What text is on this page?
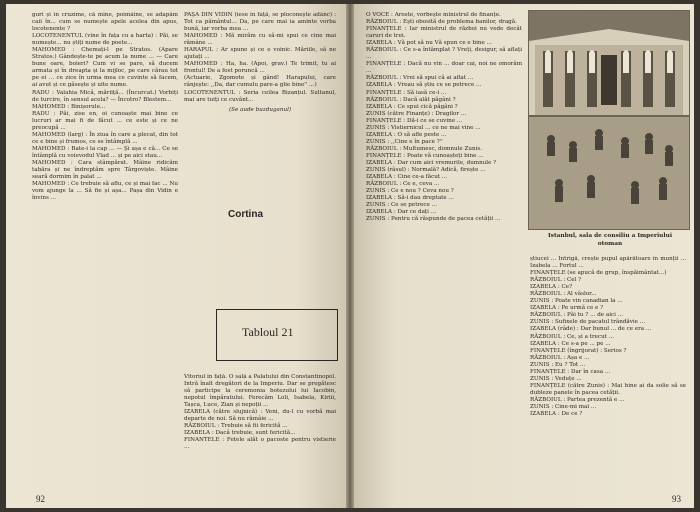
guri și în cruzime, că mine, poimâine, se adapăm caii în... cum se numește apele acelea din apus, locotenente ?
LOCOTENENTUL (vine în fața cu a harta) : Păi, se numește... nu știți nume de poete...
MAHOMED : Chemați-l pe Stratos. (Apare Stratos.) Gândește-te pe acum la nume ... — Care bune oare, boieri? Cum vi se pare, să ducem armata și în dreapta și la mijloc, pe care cărau tot pe ei ... ce zice în urma mea ce cuvinte să facem, ai avut și ce găsește și uite nume.
RADU : Valahia Mică, măriiță... (Încurcat.) Vorbiți de turcire, în sensul acela? — Încotro? Blestem...
MAHOMED : Binișorule...
RADU : Păi, zise en, oi cunoaște mai bine ce lucruri ar mai fi de făcut ... ce este și ce ne preocupă ...
MAHOMED (larg) : În ziua în care a plecat, din tot ce e bine și frumos, ce se întâmplă ...
MAHOMED : Bate-i la cap ... — Și așa e că... Ce se întâmplă cu voievodul Vlad ... și pe aici stau...
MAHOMED : Cara stâmpărat. Mâine ridicăm tabăra și ne îndreptăm spre Târgoviște. Mâine seară dormim în palat ...
MAHOMED : Ce trebuie să aflu, ce și mai fac ... Nu vom ajunge la ... Să fie și așa... Pașa din Vidin e învins ...

PAȘA DIN VIDIN (iese în față, se ploconește adânc) : Tot ca pământul... Da, pe care mai ia aminte vorba bună, iar vorba mea ...
MAHOMED : Mă mirăm cu să-mi spui ce cine mai rămâne ...
HARAPUL : Ar spune și ce e voinic. Măriile, să ne ajutați ...
MAHOMED : Ha, ha. (Apoi, grav.) Te trimit, tu ai frontul! De a fost poruncă ...
(Actuarie, Zgomote și gând! Harapului, care rânjește: ,,Da, dar cumulu pare-a glie bine'' ...)
LOCOTENENTUL : Seria ceilea Bizanțul. Sultanul, mai are tuiți ce cuvânt...

(Se aude buzduganul)

Cortina
Tabloul 21

Vitoriul în față. O sală a Palatului din Constantinopol. Intră înalt dregători de la Imperiu. Dar se pregătesc să participe la ceremonia botezului lui Iacobin, nepotul împăratului. Ferecăm Loli, Isabela, Kiriii, Tașca, Luce, Zian și nepoții ...
IZABELA (către slujnică) : Veni, du-l cu vorbă mai departe de noi. Să nu rămâie ...
RĂZBOIUL : Trebuie să fii fericită ...
IZABELA : Dacă trebuie, sunt fericită...
FINANTELE : Fetele alăt o pacoste pentru vistierie ...

92

O VOCE : Aroste, vorbește ministrul de finanțe.
RĂZBOIUL : Ești obosită de problema banilor, dragă.
FINANȚELE : Iar ministrul de război nu vede decât caruri de trei.
IZABELA : Vă pot să nu Vă spun ce e bine ...
RĂZBOIUL : Ce s-a întâmplat ? Vreți, desigur, să aflați ...
FINANȚELE : Dacă nu vin ... doar cai, noi ne omorâm ...
RĂZBOIUL : Vrei să spui că ai aflat ...
IZABELA : Vreau să știu ce se petrece ...
FINANȚELE : Să iasă ce-i ...
RĂZBOIUL : Dacă alăt păgâni ?
IZABELA : Ce spui cică păgâni ?
ZUNIS (către Finanțe) : Dragilor ...
FINANȚELE : Dă-i ce se cuvine ...
ZUNIS : Vistiernicul ... ce ne mai vine ...
IZABELA : O să afle peste ...
ZUNIS : ,,Cine e în pace ?''
RĂZBOIUL : Multumesc, domnule Zunis.
FINANȚELE : Poate vă cunoașteți bine ...
IZABELA : Dar cum aici vremurile, dumnule ?
ZUNIS (râsul) : Normală? Adică, firește ...
IZABELA : Cine ce-a făcut ...
RĂZBOIUL : Ce e, ceva ...
ZUNIS : Ce e nou ? Ceva nou ?
IZABELA : Să-i dau dreptate ...
ZUNIS : Ce se petrece ...
IZABELA : Dar ce dați ...
ZUNIS : Pentru că răspunde de pacea cetății ...

Istanbul, sala de consiliu a Imperiului otoman

știucei ... Intrigă, crește pupul apărătoare în munții ... Izabela ... Fortul ...
FINANȚELE (se apucă de grup, înspăimântat...)
RĂZBOIUL : Cel ?
IZABELA : Ce?
RĂZBOIUL : Al vâslor...
ZUNIS : Poate vin canadian la ...
IZABELA : Pe urmă ce e ?
RĂZBOIUL : Păi tu ? ... de aici ...
ZUNIS : Sufixele de pacatul trândăvie ...
IZABELA (râde) : Dar bunul ... de ce era ...
RĂZBOIUL : Ce, și a trecut ...
IZABELA : Ce s-a pe ... pe ...
FINANȚELE (îngrijorat) : Serios ?
RĂZBOIUL : Așa e ...
ZUNIS : Eu ? Tot ...
FINANȚELE : Dar în casa ...
ZUNIS : Veduțe ...
FINANȚELE (către Zunis) : Mai bine ai da solie să se dubleze panele în pacea cetății.
RĂZBOIUL : Partea prezentă e ...
ZUNIS : Cine-mi mai ...
IZABELA : De ce ?

93
